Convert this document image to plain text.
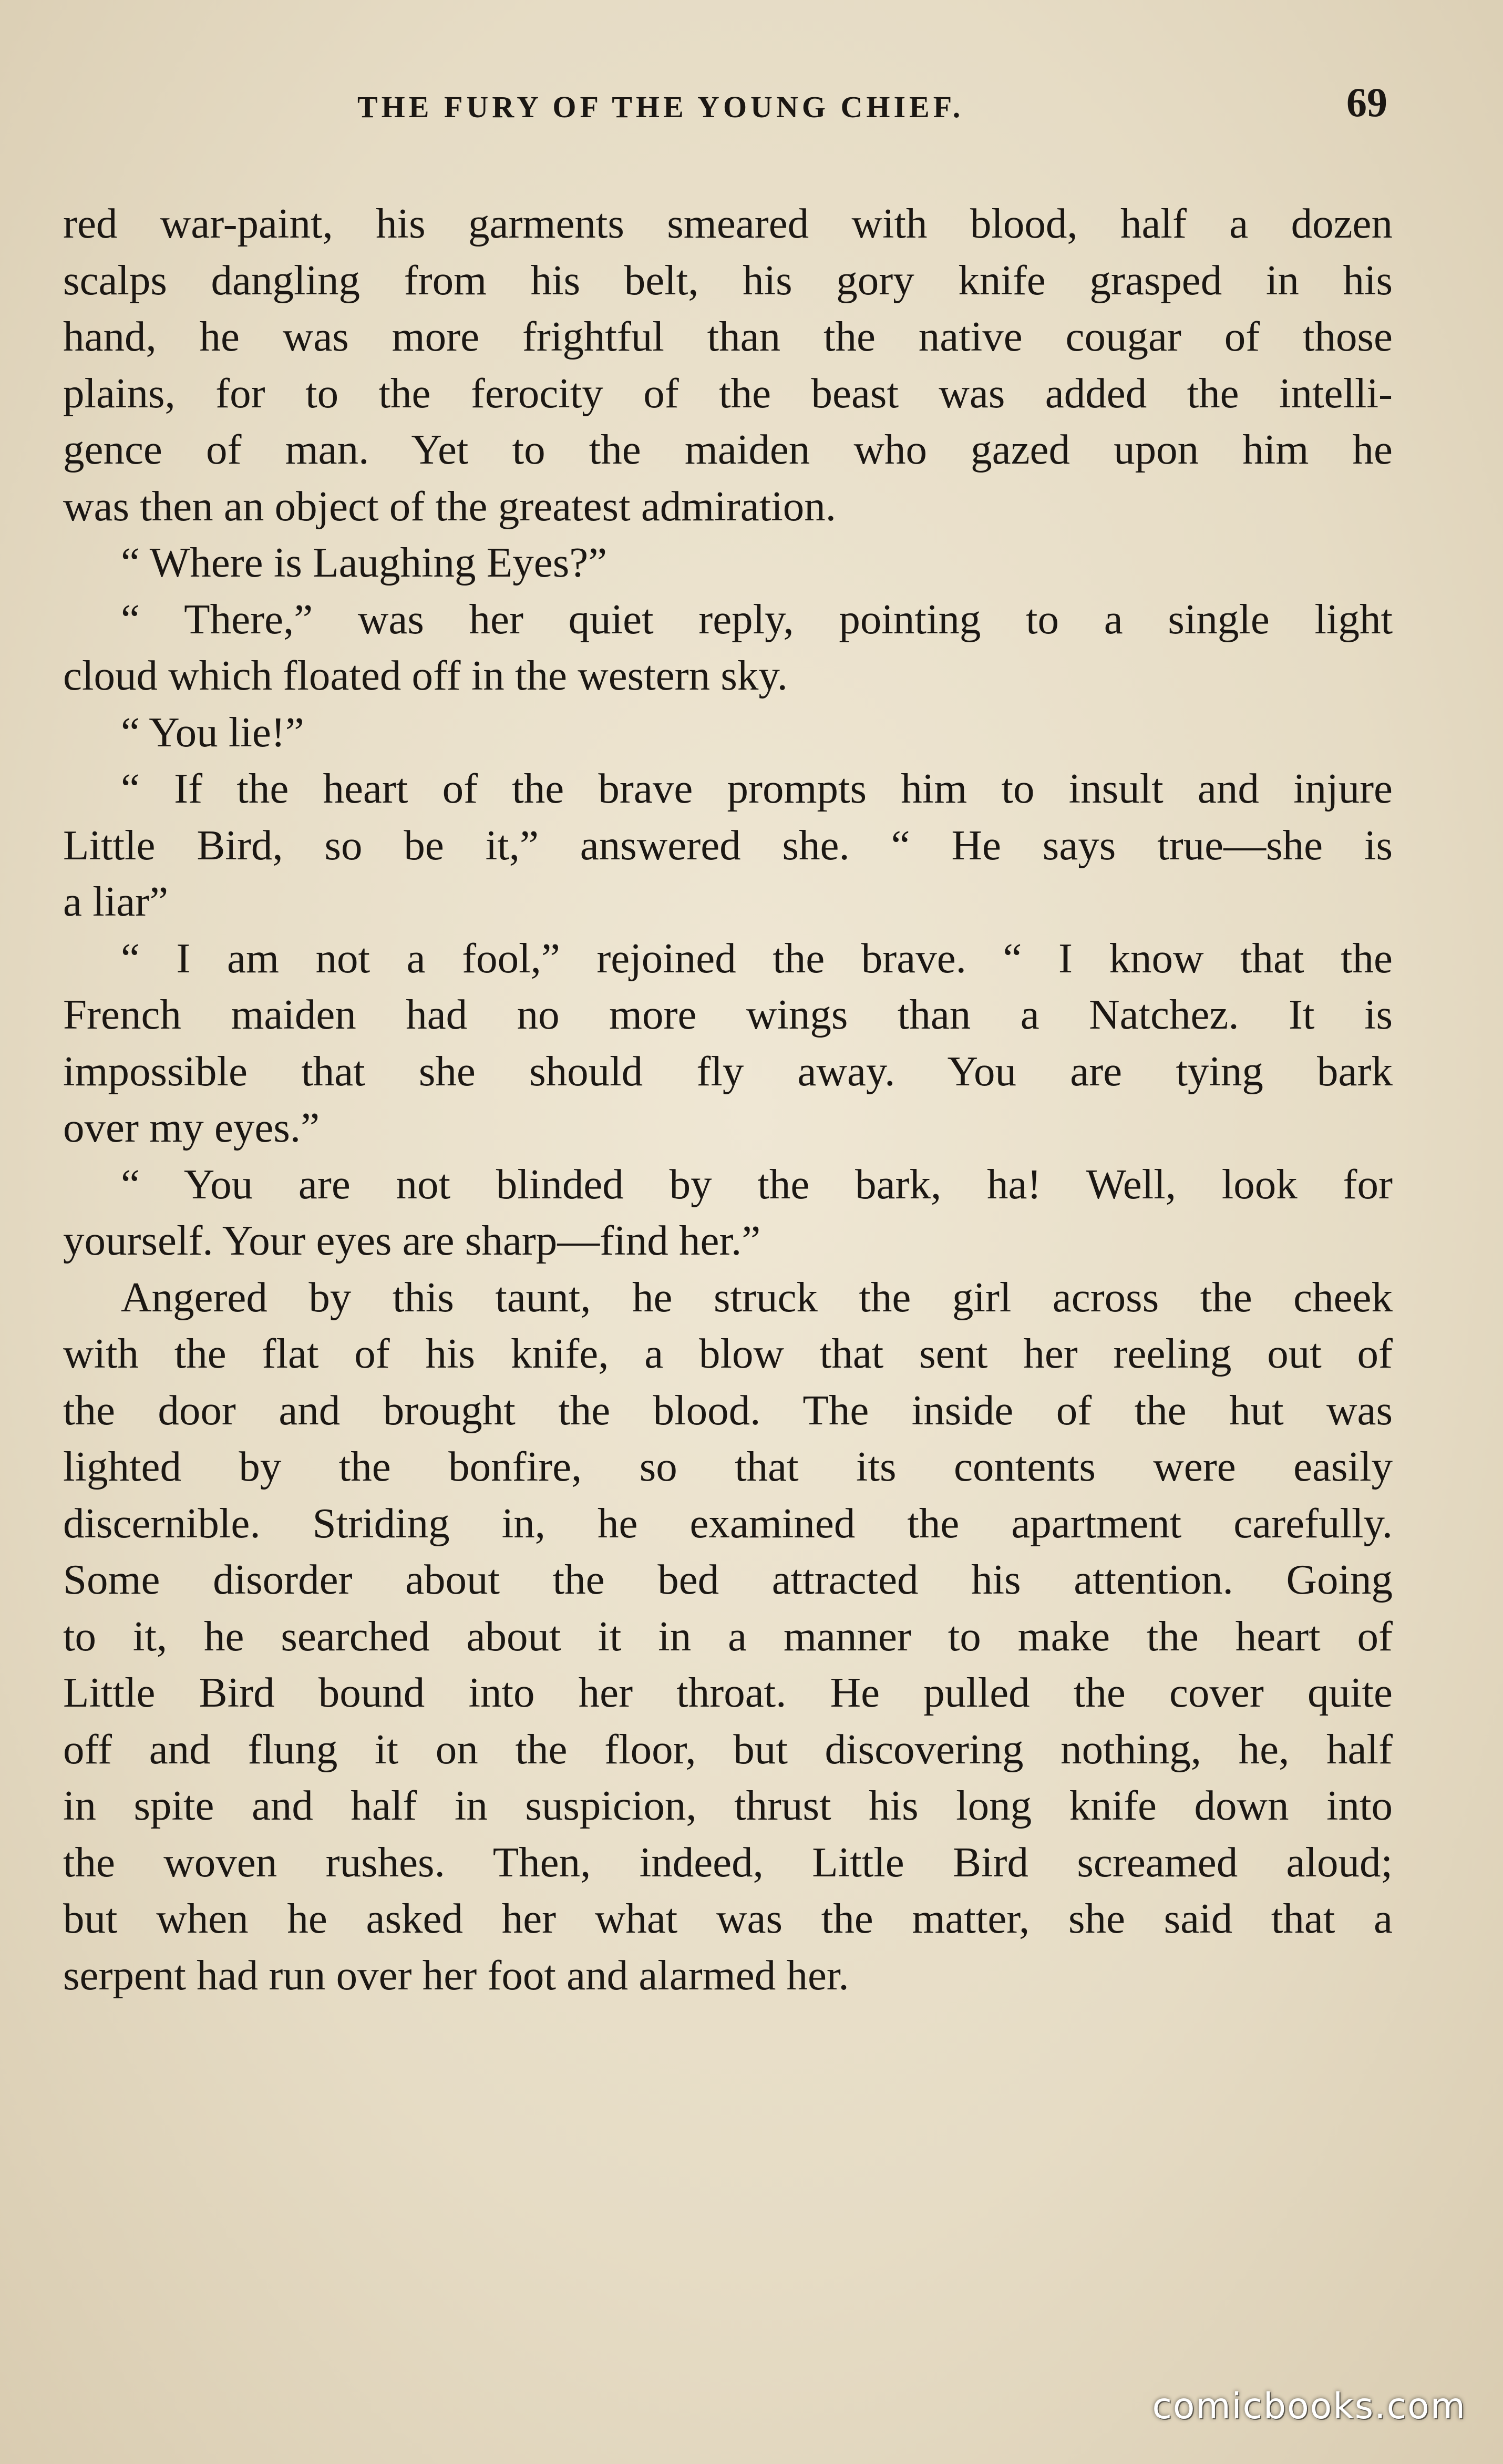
THE FURY OF THE YOUNG CHIEF.	69
red war-paint, his garments smeared with blood, half a dozen
scalps dangling from his belt, his gory knife grasped in his
hand, he was more frightful than the native cougar of those
plains, for to the ferocity of the beast was added the intelli-
gence of man. Yet to the maiden who gazed upon him he
was then an object of the greatest admiration.
“ Where is Laughing Eyes?”
“ There,” was her quiet reply, pointing to a single light
cloud which floated off in the western sky.
“ You lie!”
“ If the heart of the brave prompts him to insult and injure
Little Bird, so be it,” answered she. “ He says true—she is
a liar”
“ I am not a fool,” rejoined the brave. “ I know that the
French maiden had no more wings than a Natchez. It is
impossible that she should fly away. You are tying bark
over my eyes.”
“ You are not blinded by the bark, ha! Well, look for
yourself. Your eyes are sharp—find her.”
Angered by this taunt, he struck the girl across the cheek
with the flat of his knife, a blow that sent her reeling out of
the door and brought the blood. The inside of the hut was
lighted by the bonfire, so that its contents were easily
discernible. Striding in, he examined the apartment carefully.
Some disorder about the bed attracted his attention. Going
to it, he searched about it in a manner to make the heart of
Little Bird bound into her throat. He pulled the cover quite
off and flung it on the floor, but discovering nothing, he, half
in spite and half in suspicion, thrust his long knife down into
the woven rushes. Then, indeed, Little Bird screamed aloud;
but when he asked her what was the matter, she said that a
serpent had run over her foot and alarmed her.
comicbooks.com
